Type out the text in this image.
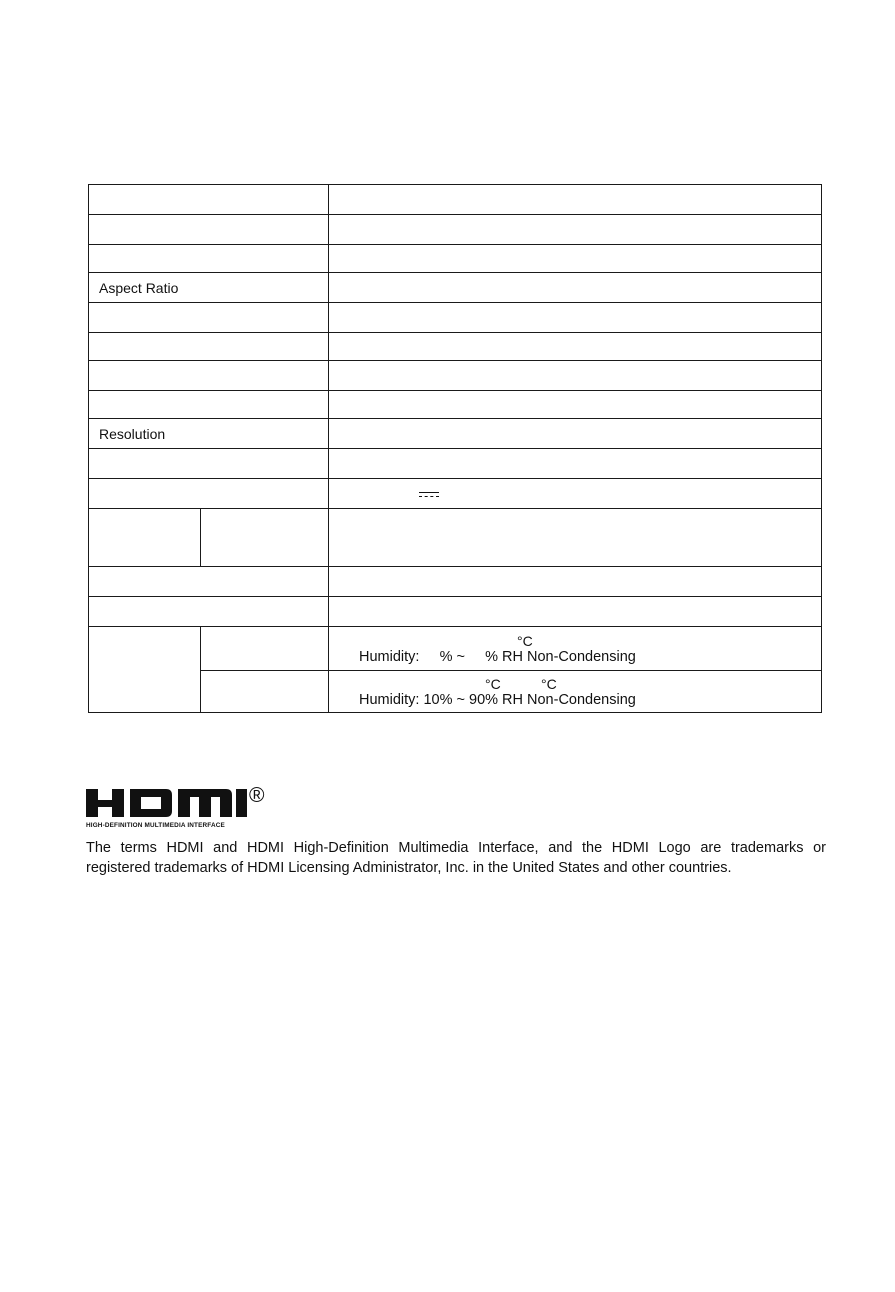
Aspect Ratio		

Resolution		

		°C
Humidity:     % ~     % RH Non-Condensing

		°C °C
Humidity: 10% ~ 90% RH Non-Condensing
®
HIGH-DEFINITION MULTIMEDIA INTERFACE

The terms HDMI and HDMI High-Definition Multimedia Interface, and the HDMI Logo are trademarks or
registered trademarks of HDMI Licensing Administrator, Inc. in the United States and other countries.
